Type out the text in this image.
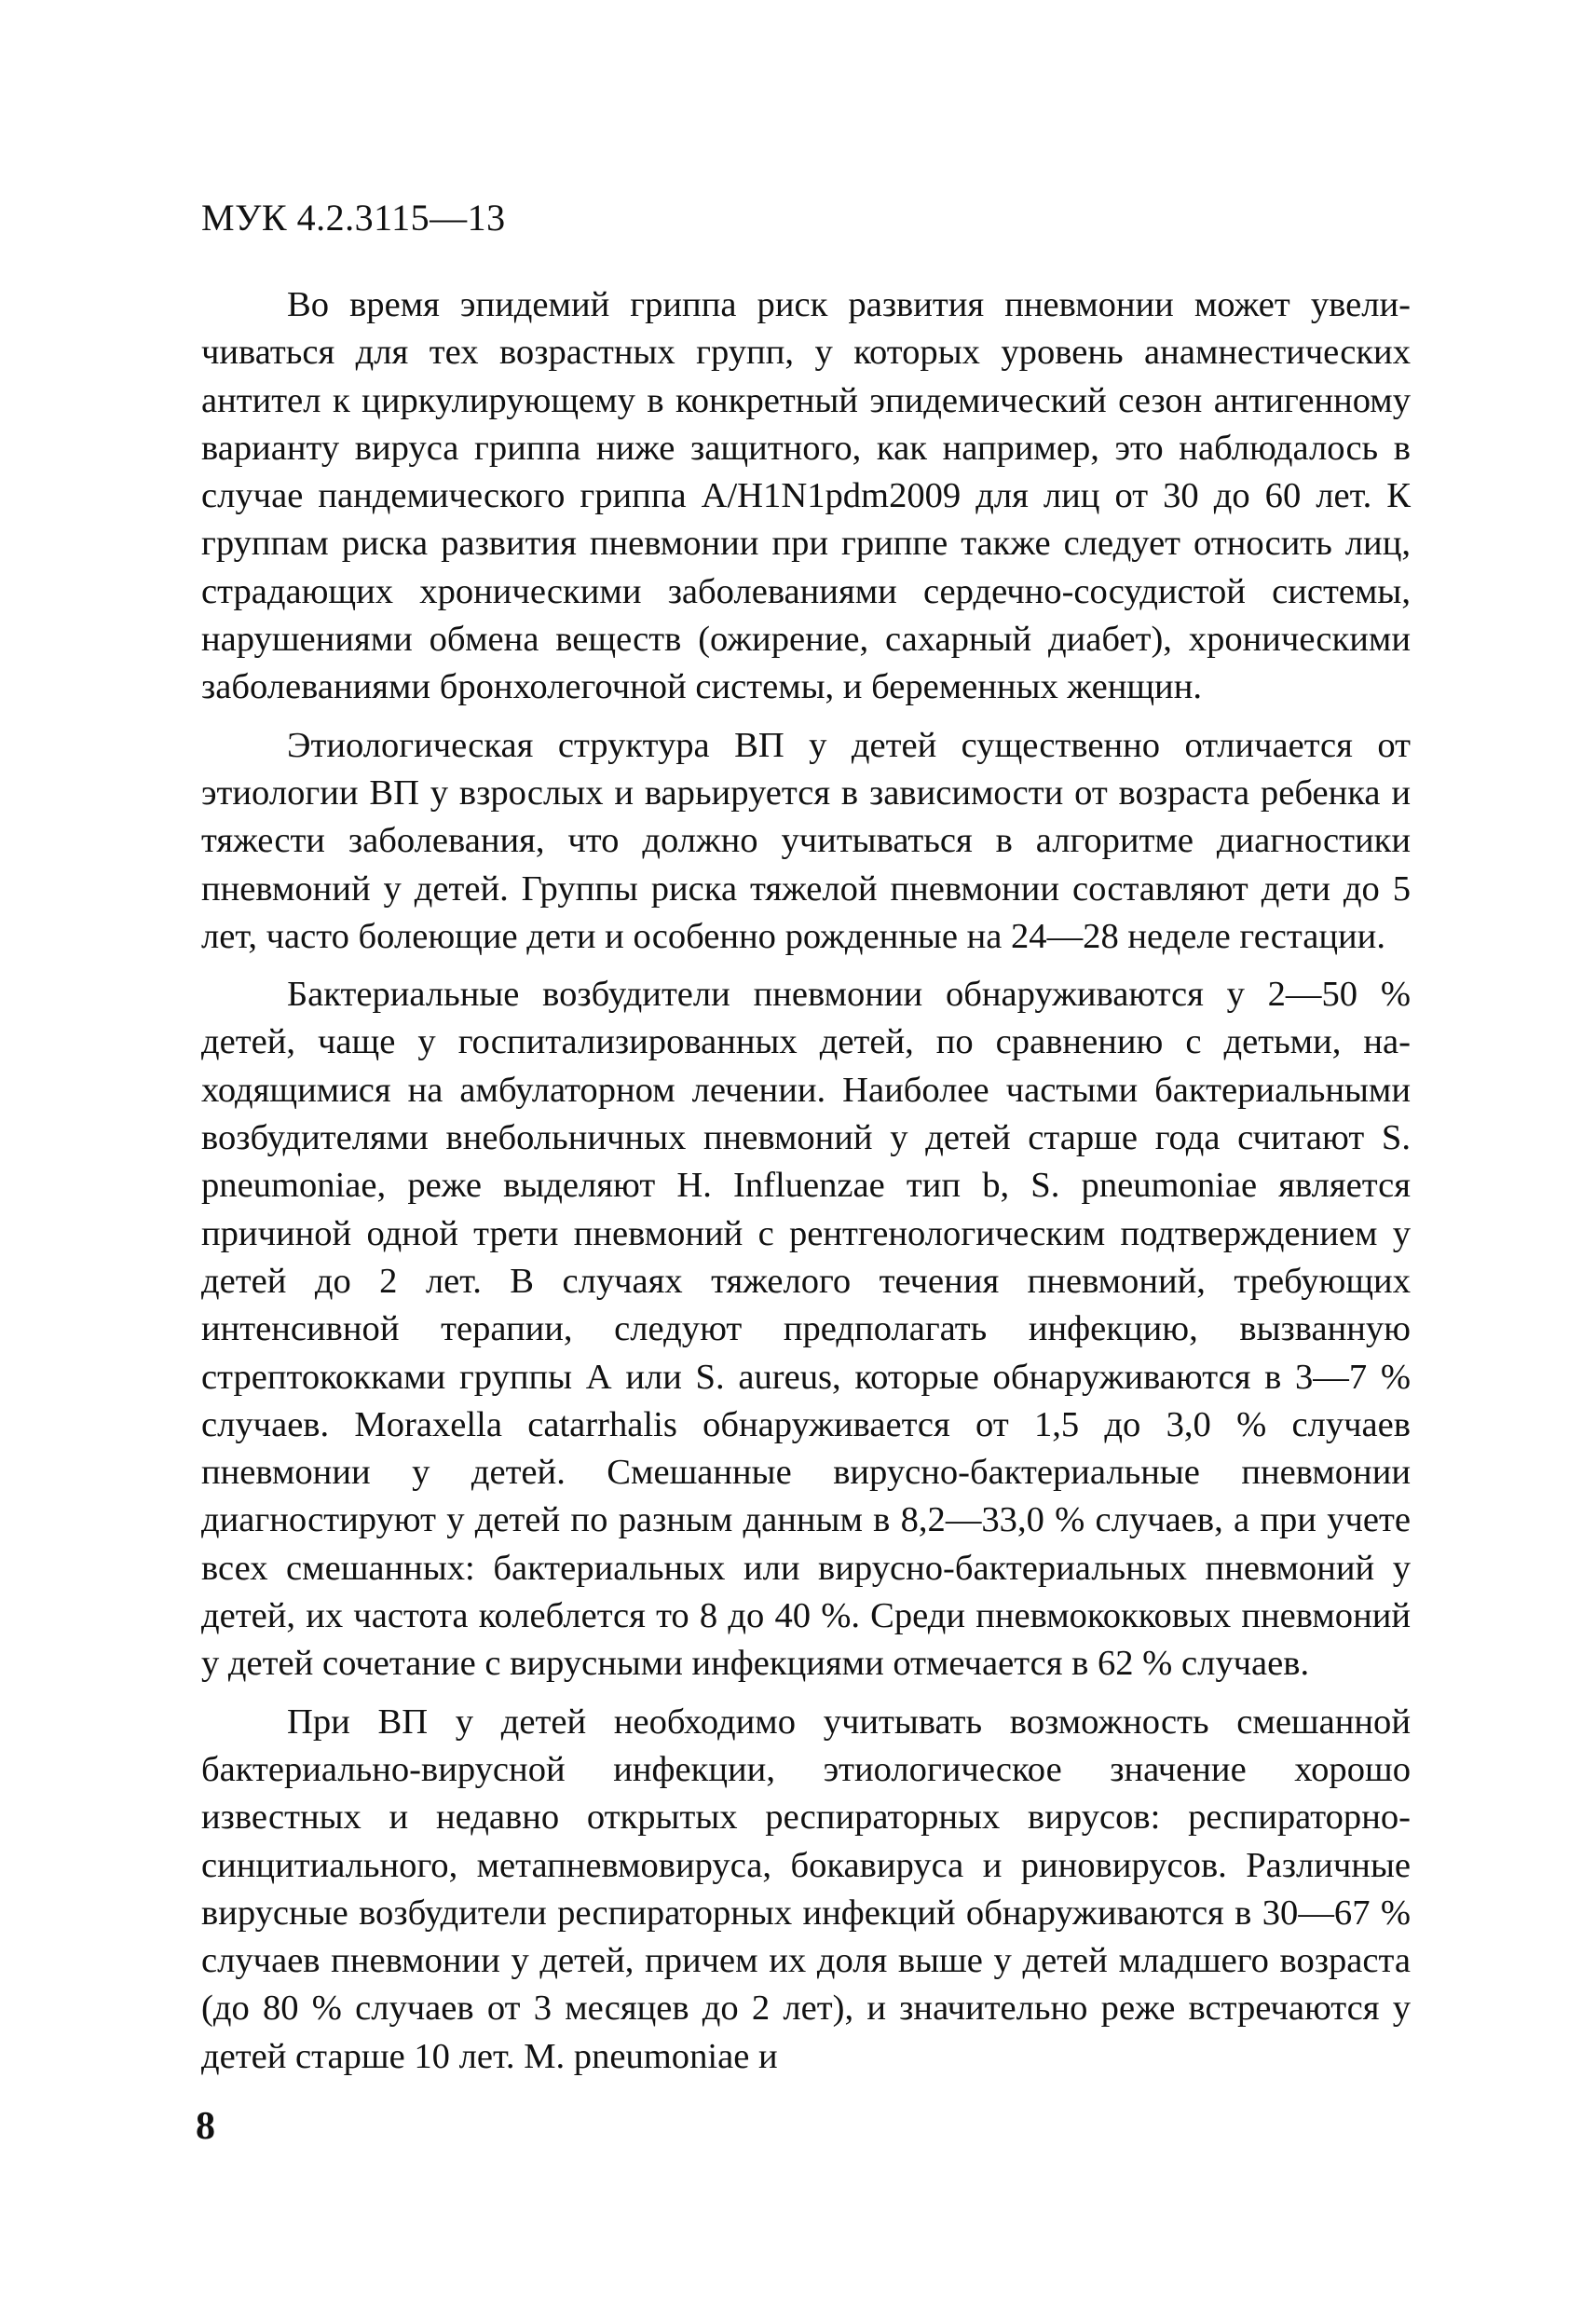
МУК 4.2.3115—13

Во время эпидемий гриппа риск развития пневмонии может увеличиваться для тех возрастных групп, у которых уровень анамнестических антител к циркулирующему в конкретный эпидемический сезон антигенному варианту вируса гриппа ниже защитного, как например, это наблюдалось в случае пандемического гриппа A/H1N1pdm2009 для лиц от 30 до 60 лет. К группам риска развития пневмонии при гриппе также следует относить лиц, страдающих хроническими заболеваниями сердечно-сосудистой системы, нарушениями обмена веществ (ожирение, сахарный диабет), хроническими заболеваниями бронхолегочной системы, и беременных женщин.

Этиологическая структура ВП у детей существенно отличается от этиологии ВП у взрослых и варьируется в зависимости от возраста ребенка и тяжести заболевания, что должно учитываться в алгоритме диагностики пневмоний у детей. Группы риска тяжелой пневмонии составляют дети до 5 лет, часто болеющие дети и особенно рожденные на 24—28 неделе гестации.

Бактериальные возбудители пневмонии обнаруживаются у 2—50 % детей, чаще у госпитализированных детей, по сравнению с детьми, находящимися на амбулаторном лечении. Наиболее частыми бактериальными возбудителями внебольничных пневмоний у детей старше года считают S. pneumoniae, реже выделяют H. Influenzae тип b, S. pneumoniae является причиной одной трети пневмоний с рентгенологическим подтверждением у детей до 2 лет. В случаях тяжелого течения пневмоний, требующих интенсивной терапии, следуют предполагать инфекцию, вызванную стрептококками группы А или S. aureus, которые обнаруживаются в 3—7 % случаев. Moraxella catarrhalis обнаруживается от 1,5 до 3,0 % случаев пневмонии у детей. Смешанные вирусно-бактериальные пневмонии диагностируют у детей по разным данным в 8,2—33,0 % случаев, а при учете всех смешанных: бактериальных или вирусно-бактериальных пневмоний у детей, их частота колеблется то 8 до 40 %. Среди пневмококковых пневмоний у детей сочетание с вирусными инфекциями отмечается в 62 % случаев.

При ВП у детей необходимо учитывать возможность смешанной бактериально-вирусной инфекции, этиологическое значение хорошо известных и недавно открытых респираторных вирусов: респираторно-синцитиального, метапневмовируса, бокавируса и риновирусов. Различные вирусные возбудители респираторных инфекций обнаруживаются в 30—67 % случаев пневмонии у детей, причем их доля выше у детей младшего возраста (до 80 % случаев от 3 месяцев до 2 лет), и значительно реже встречаются у детей старше 10 лет. M. pneumoniae и

8
